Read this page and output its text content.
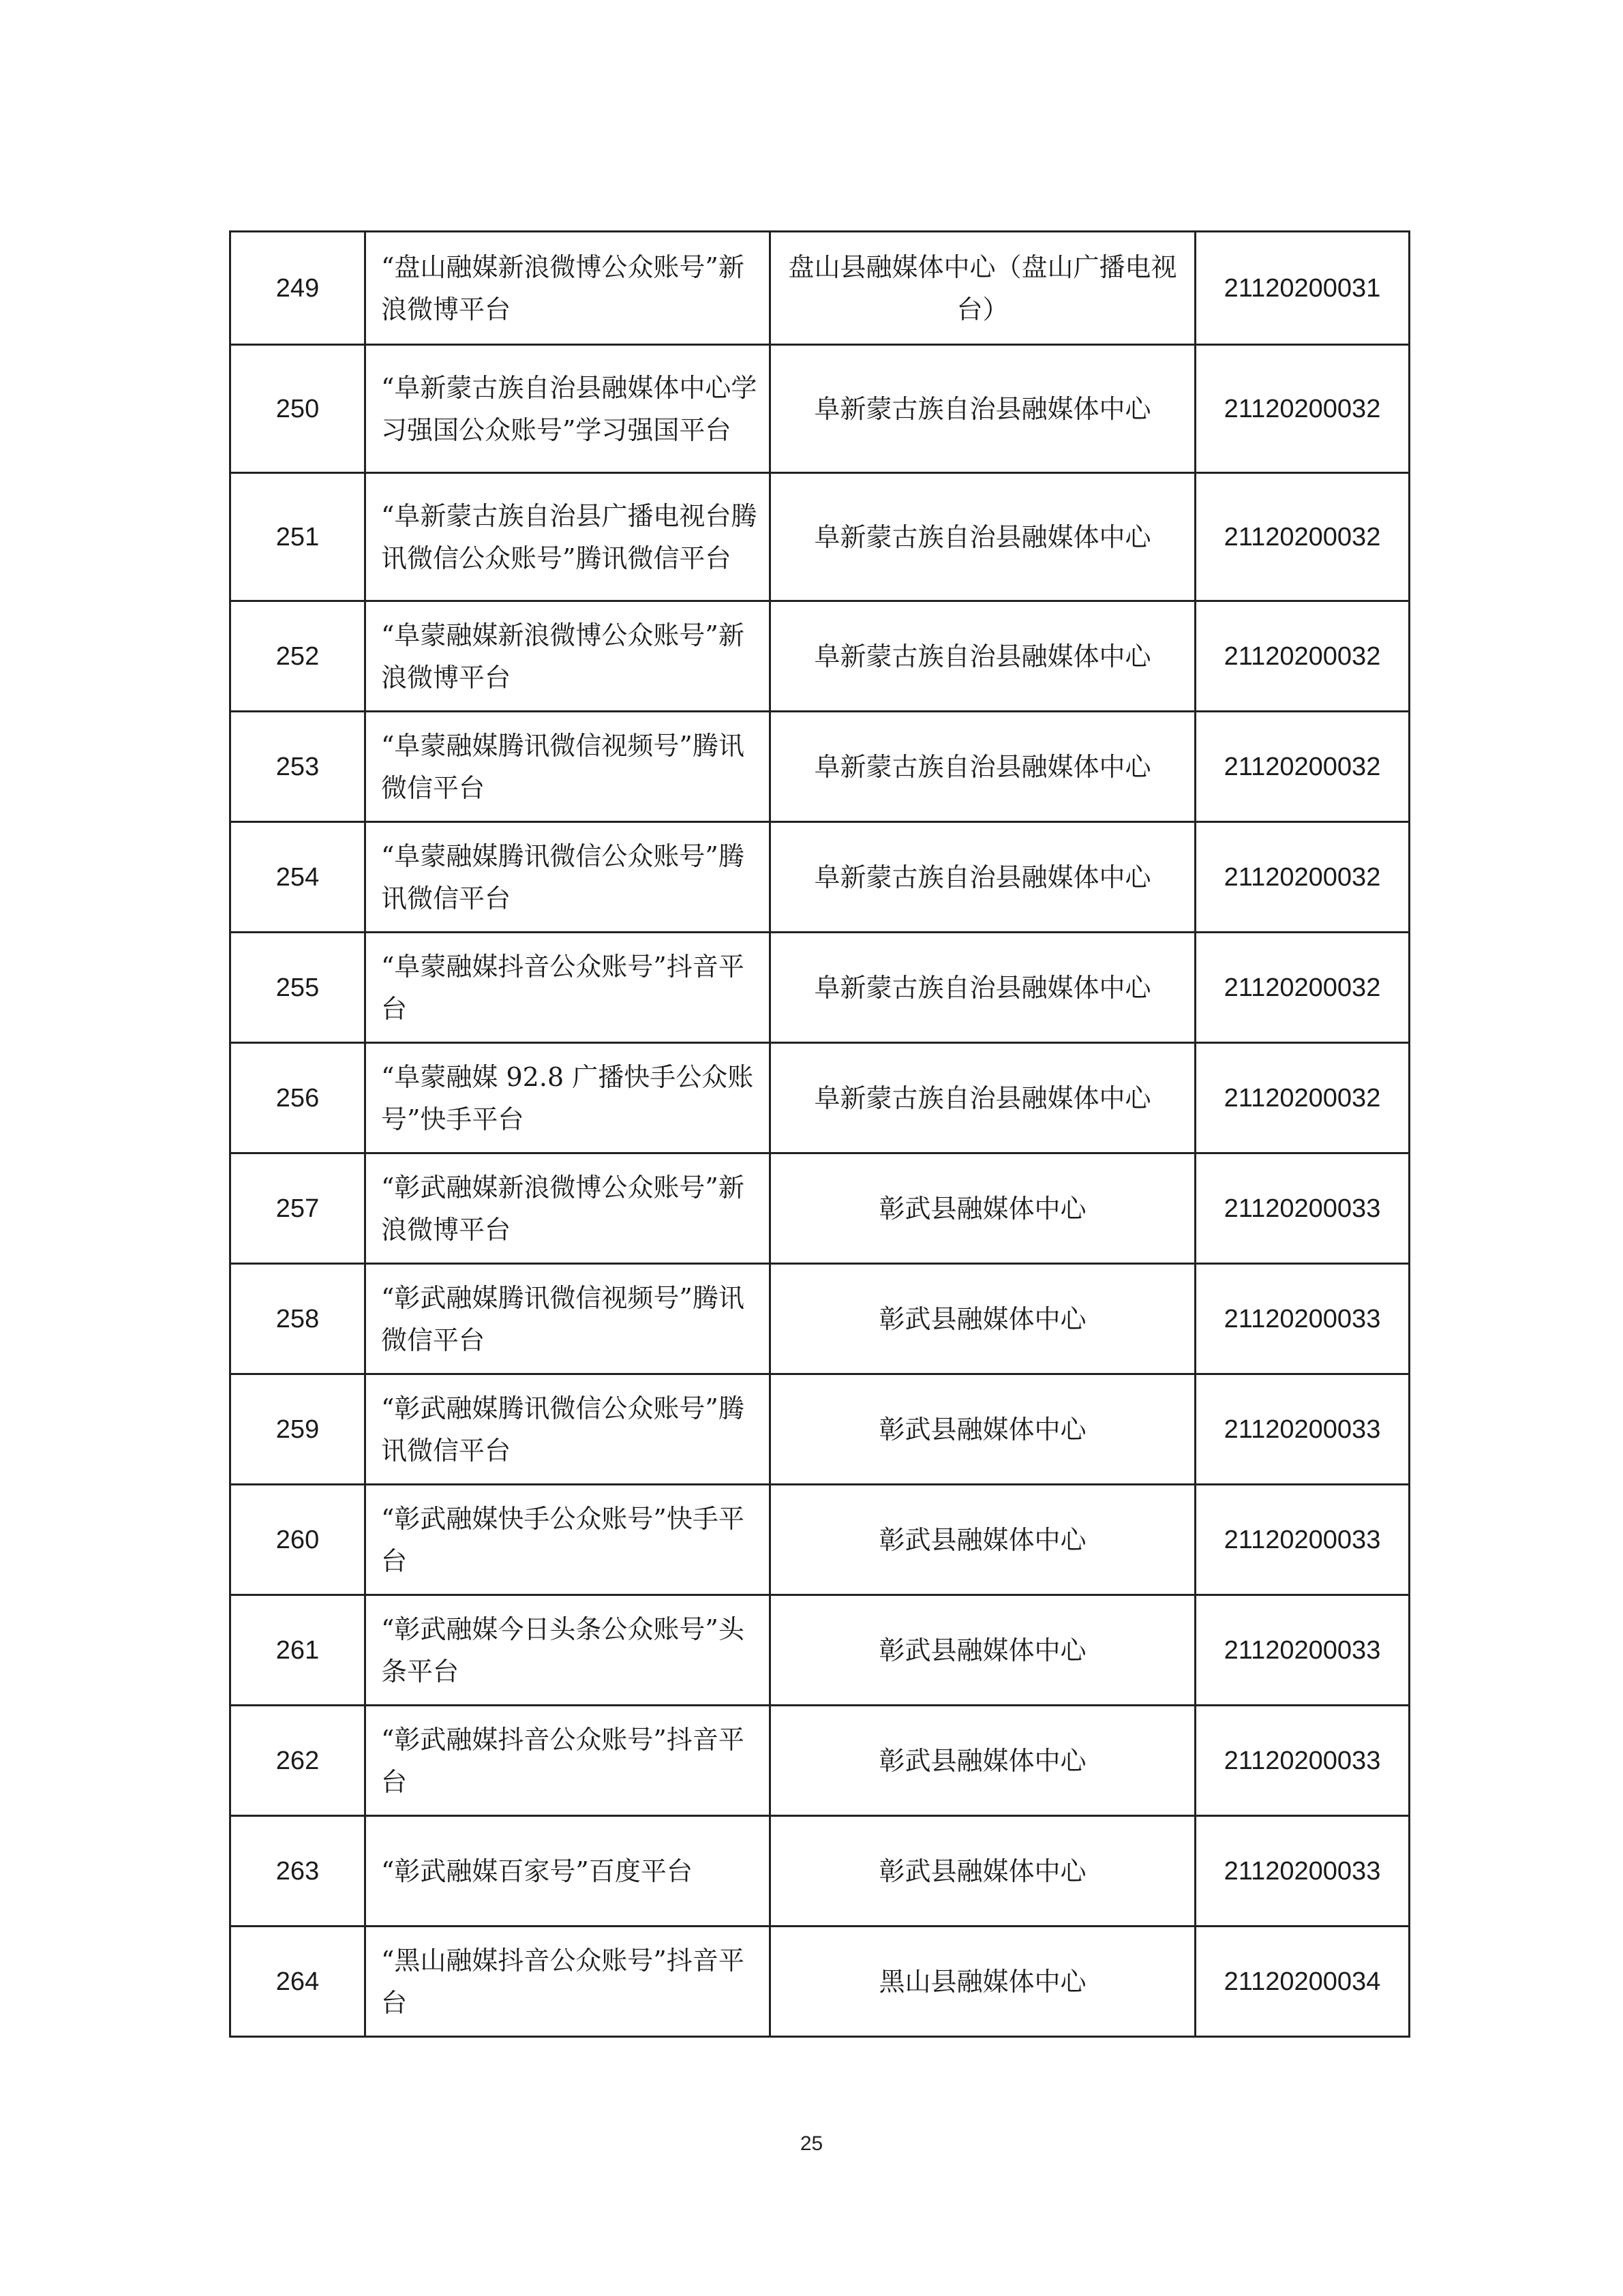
249	“盘山融媒新浪微博公众账号”新浪微博平台	盘山县融媒体中心（盘山广播电视台）	21120200031
250	“阜新蒙古族自治县融媒体中心学习强国公众账号”学习强国平台	阜新蒙古族自治县融媒体中心	21120200032
251	“阜新蒙古族自治县广播电视台腾讯微信公众账号”腾讯微信平台	阜新蒙古族自治县融媒体中心	21120200032
252	“阜蒙融媒新浪微博公众账号”新浪微博平台	阜新蒙古族自治县融媒体中心	21120200032
253	“阜蒙融媒腾讯微信视频号”腾讯微信平台	阜新蒙古族自治县融媒体中心	21120200032
254	“阜蒙融媒腾讯微信公众账号”腾讯微信平台	阜新蒙古族自治县融媒体中心	21120200032
255	“阜蒙融媒抖音公众账号”抖音平台	阜新蒙古族自治县融媒体中心	21120200032
256	“阜蒙融媒 92.8 广播快手公众账号”快手平台	阜新蒙古族自治县融媒体中心	21120200032
257	“彰武融媒新浪微博公众账号”新浪微博平台	彰武县融媒体中心	21120200033
258	“彰武融媒腾讯微信视频号”腾讯微信平台	彰武县融媒体中心	21120200033
259	“彰武融媒腾讯微信公众账号”腾讯微信平台	彰武县融媒体中心	21120200033
260	“彰武融媒快手公众账号”快手平台	彰武县融媒体中心	21120200033
261	“彰武融媒今日头条公众账号”头条平台	彰武县融媒体中心	21120200033
262	“彰武融媒抖音公众账号”抖音平台	彰武县融媒体中心	21120200033
263	“彰武融媒百家号”百度平台	彰武县融媒体中心	21120200033
264	“黑山融媒抖音公众账号”抖音平台	黑山县融媒体中心	21120200034
25
